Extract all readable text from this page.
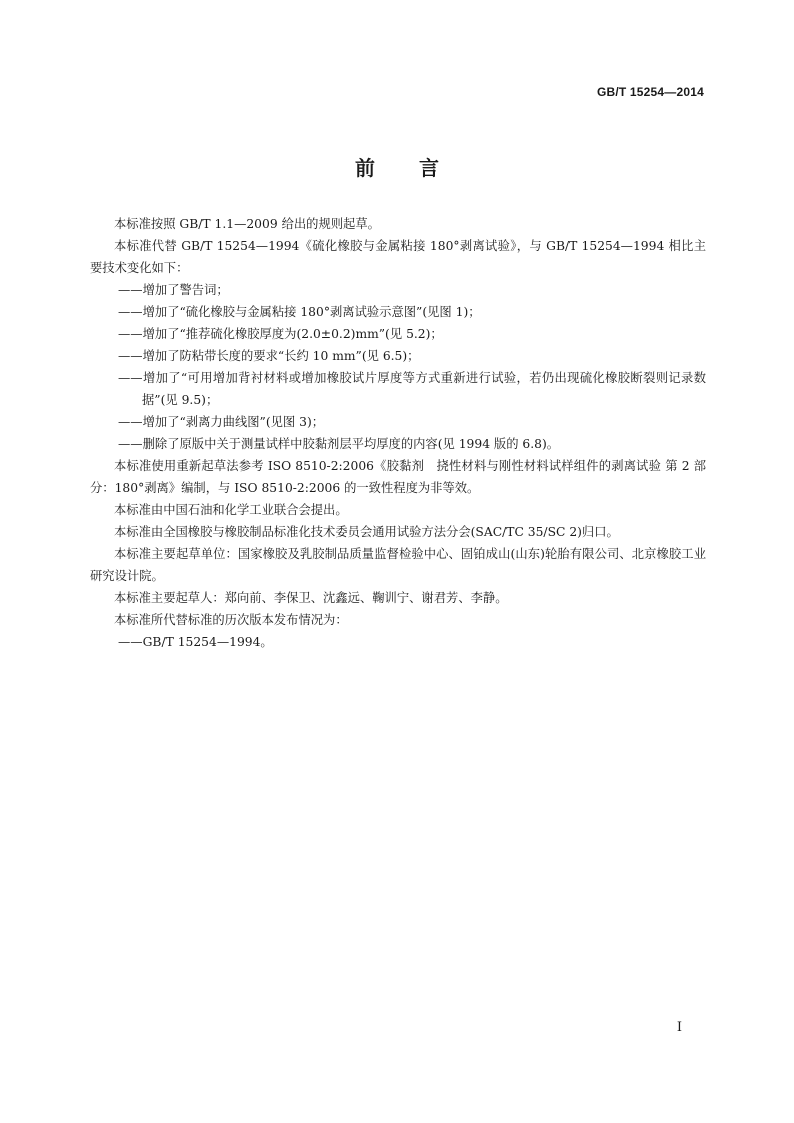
GB/T 15254—2014
前言

本标准按照 GB/T 1.1—2009 给出的规则起草。

本标准代替 GB/T 15254—1994《硫化橡胶与金属粘接 180°剥离试验》，与 GB/T 15254—1994 相比主要技术变化如下：

——增加了警告词；

——增加了“硫化橡胶与金属粘接 180°剥离试验示意图”(见图 1)；

——增加了“推荐硫化橡胶厚度为(2.0±0.2)mm”(见 5.2)；

——增加了防粘带长度的要求“长约 10 mm”(见 6.5)；

——增加了“可用增加背衬材料或增加橡胶试片厚度等方式重新进行试验，若仍出现硫化橡胶断裂则记录数据”(见 9.5)；

——增加了“剥离力曲线图”(见图 3)；

——删除了原版中关于测量试样中胶黏剂层平均厚度的内容(见 1994 版的 6.8)。

本标准使用重新起草法参考 ISO 8510-2:2006《胶黏剂　挠性材料与刚性材料试样组件的剥离试验 第 2 部分：180°剥离》编制，与 ISO 8510-2:2006 的一致性程度为非等效。

本标准由中国石油和化学工业联合会提出。

本标准由全国橡胶与橡胶制品标准化技术委员会通用试验方法分会(SAC/TC 35/SC 2)归口。

本标准主要起草单位：国家橡胶及乳胶制品质量监督检验中心、固铂成山(山东)轮胎有限公司、北京橡胶工业研究设计院。

本标准主要起草人：郑向前、李保卫、沈鑫远、鞠训宁、谢君芳、李静。

本标准所代替标准的历次版本发布情况为：

——GB/T 15254—1994。

I
